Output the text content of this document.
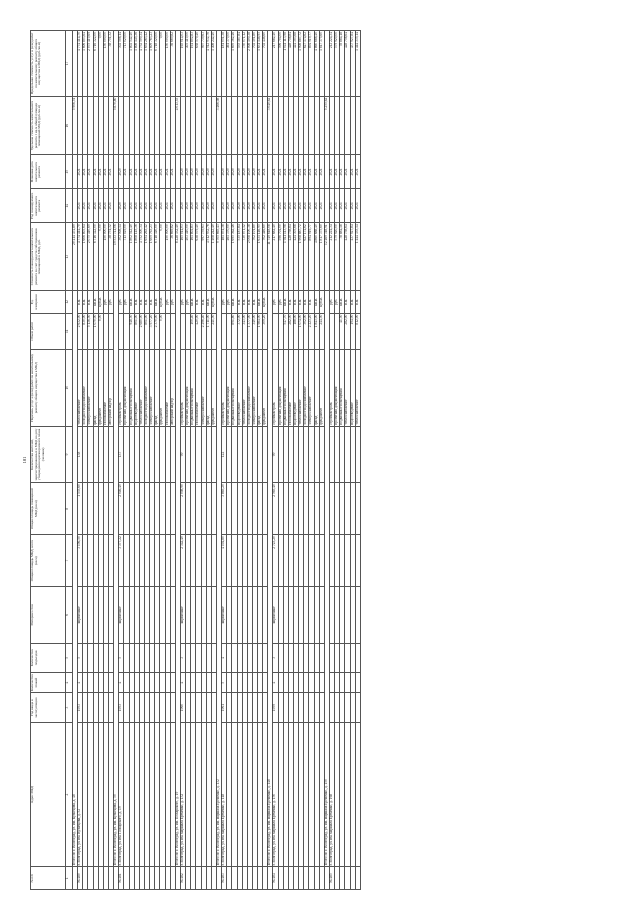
101
№ п/п	Адрес МКД	Год ввода в эксплуатацию	Количество этажей	Количество подъездов	Материал стен	Общая площадь МКД, всего (кв.м)	Общая площадь помещений МКД (кв.м)	Количество жителей, зарегистрированных в МКД на дату утверждения краткосрочного плана (человек)	Перечень услуг и (или) работ по капитальному ремонту общего имущества в МКД	Объем работ	Ед. измерения	Стоимость планируемого капитального ремонта за счет средств собственников помещений в МКД, руб.	Год планируемого капитального ремонта	Плановая дата капитального ремонта	Удельная стоимость капитального ремонта 1 кв.м общей площади помещений МКД (руб./кв.м)	Предельная стоимость услуг и (или) работ по капитальному ремонту общего имущества в МКД (руб./кв.м)
1	2	3	4	5	6	7	8	9	10	11	12	13	14	15	16	17
	Итого по г. Волгоград, ул. им. Кузнецова, д. 48											20 414 474,89			5 906,51	
56.480	г. Волгоград, ул. им. Кузнецова, д. 52	1953	4	5	кирпичные	3 156,50	1 535,60	138	теплоснабжение	2 632,00	п.м.	4 774 414,70	2021	2021		4 774 414,70
									холодное водоснабжение	830,00	п.м.	1 606 803,64	2021	2021		1 606 803,64
									электроснабжение	5 136,50	п.м.	2 075 410,69	2021	2021		2 075 410,69
									фасад	1 070,00	кв.м.	6 716 322,00	2021	2021		6 716 322,00
									фундамент	0,00	куб.м.	0,00	2021	2021		0,00
									газоснабжение		руб.	150 000,00	2021	2021		150 000,00
									авторский надзор		руб.	38 751,32	2021	2021		38 751,32
	Итого по г. Волгоград, ул. им. Кузнецова, д. 50											19 533 741,06			5 870,80	
56.481	г. Волгоград, ул. им. Пожарского, д. 19	1953	4	5	кирпичные	3 377,22	2 046,40	137	стройконтроль		руб.	302 508,14	2020	2020		302 508,14
									проектная документация		руб.	713 029,00	2021	2021		713 029,00
									подвальные помещения	948,50	кв.м.	1 802 542,40	2021	2021		1 802 542,40
									водоотведение	801,00	п.м.	1 808 145,36	2021	2021		1 808 145,36
									теплоснабжение	2 680,00	п.м.	4 752 500,34	2021	2021		4 752 500,34
									холодное водоснабжение	801,00	п.м.	1 654 263,42	2021	2021		1 654 263,42
									электроснабжение	3 977,20	п.м.	1 609 763,23	2021	2021		1 609 763,23
									фасад	2 370,00	кв.м.	6 718 320,00	2021	2021		6 718 320,00
									фундамент	0,00	куб.м.	0,00	2021	2021		0,00
									газоснабжение		руб.	150 000,00	2021	2021		150 000,00
									авторский надзор		руб.	36 669,82	2021	2021		36 669,82
	Итого по г. Волгоград, ул. им. Пожарского, д. 19											8 228 332,40			4 013,53	
56.482	г. Волгоград, ул. им. маршала Еременко, д. 132	1960	4	3	кирпичные	2 342,40	2 098,90	99	стройконтроль		руб.	165 014,03	2020	2020		165 014,03
									проектная документация		руб.	403 410,00	2020	2020		403 410,00
									подвальные помещения	100,40	кв.м.	161 802,83	2020	2020		161 802,83
									газоснабжение	420,00	п.м.	638 579,40	2020	2020		638 579,40
									электроснабжение	2 296,40	п.м.	997 739,63	2020	2020		997 739,63
									фасад	1 711,00	кв.м.	4 512 932,76	2020	2020		4 512 932,76
									фундамент	241,50	куб.м.	1 408 242,40	2020	2020		1 408 242,40
	Итого по г. Волгоград, ул. им. маршала Еременко, д. 132											9 705 665,43			3 466,08	
56.483	г. Волгоград, ул. им. маршала Еременко, д. 148	1961	5	4	кирпичные	4 104,80	3 865,20	122	стройконтроль		руб.	181 051,38	2020	2020		181 051,38
									проектная документация		руб.	461 370,00	2020	2020		461 370,00
									подвальные помещения	891,80	кв.м.	1 695 362,46	2020	2020		1 695 362,46
									водоотведение	372,00	п.м.	535 187,84	2020	2020		535 187,84
									теплоснабжение	343,00	п.м.	730 071,12	2020	2020		730 071,12
									холодное водоснабжение	1 377,00	п.м.	2 008 100,38	2020	2020		2 008 100,38
									электроснабжение	340,00	п.м.	702 101,80	2020	2020		702 101,80
									фасад	1 984,00	кв.м.	1 631 146,95	2021	2021		1 631 146,95
									фундамент	309,20	куб.м.	702 446,60	2021	2021		702 446,60
	Итого по г. Волгоград, ул. им. маршала Еременко, д. 148											11 749 618,08			3 040,62	
56.484	г. Волгоград, ул. им. маршала Еременко, д. 150	1959	4	3	кирпичные	2 723,20	2 565,40	99	стройконтроль		руб.	217 682,40	2021	2021		217 682,40
									проектная документация		руб.	596 704,00	2021	2021		596 704,00
									подвальные помещения	547,70	кв.м.	1 041 113,98	2021	2021		1 041 113,98
									газоснабжение	282,00	п.м.	428 758,84	2021	2021		428 758,84
									водоотведение	188,00	п.м.	424 303,68	2021	2021		424 303,68
									теплоснабжение	1 074,00	п.м.	1 908 887,72	2021	2021		1 908 887,72
									холодное водоснабжение	302,00	п.м.	627 174,62	2021	2021		627 174,62
									электроснабжение	2 223,20	п.м.	894 919,77	2021	2021		894 919,77
									фасад	1 843,00	кв.м.	4 860 688,40	2021	2021		4 860 688,40
									фундамент	244,50	куб.м.	1 817 375,60	2021	2021		1 817 375,60
	Итого по г. Волгоград, ул. им. маршала Еременко, д. 150											12 469 318,91			5 255,62	
56.485	г. Волгоград, ул. им. маршала Еременко, д. 168								стройконтроль		руб.	212 224,34	2021	2021		212 224,34
									проектная документация		руб.	579 920,00	2021	2021		579 920,00
									подвальные помещения	41,50	кв.м.	78 884,18	2021	2021		78 884,18
									теплоснабжение	282,00	п.м.	428 758,64	2021	2021		428 758,64
									водоотведение	194,00	п.м.	437 927,84	2021	2021		437 927,84
									теплоснабжение	812,00	п.м.	1 444 335,14	2021	2021		1 444 335,14
